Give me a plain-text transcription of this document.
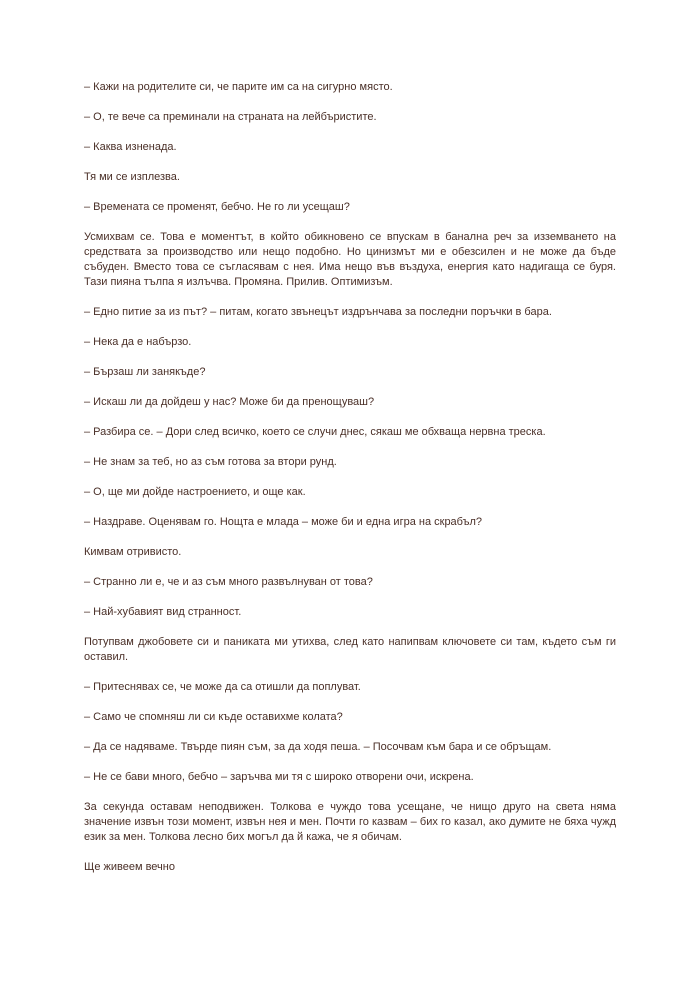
– Кажи на родителите си, че парите им са на сигурно място.

– О, те вече са преминали на страната на лейбъристите.

– Каква изненада.

Тя ми се изплезва.

– Времената се променят, бебчо. Не го ли усещаш?

Усмихвам се. Това е моментът, в който обикновено се впускам в банална реч за изземването на средствата за производство или нещо подобно. Но цинизмът ми е обезсилен и не може да бъде събуден. Вместо това се съгласявам с нея. Има нещо във въздуха, енергия като надигаща се буря. Тази пияна тълпа я излъчва. Промяна. Прилив. Оптимизъм.

– Едно питие за из път? – питам, когато звънецът издрънчава за последни поръчки в бара.

– Нека да е набързо.

– Бързаш ли занякъде?

– Искаш ли да дойдеш у нас? Може би да пренощуваш?

– Разбира се. – Дори след всичко, което се случи днес, сякаш ме обхваща нервна треска.

– Не знам за теб, но аз съм готова за втори рунд.

– О, ще ми дойде настроението, и още как.

– Наздраве. Оценявам го. Нощта е млада – може би и една игра на скрабъл?

Кимвам отривисто.

– Странно ли е, че и аз съм много развълнуван от това?

– Най-хубавият вид странност.

Потупвам джобовете си и паниката ми утихва, след като напипвам ключовете си там, където съм ги оставил.

– Притеснявах се, че може да са отишли да поплуват.

– Само че спомняш ли си къде оставихме колата?

– Да се надяваме. Твърде пиян съм, за да ходя пеша. – Посочвам към бара и се обръщам.

– Не се бави много, бебчо – заръчва ми тя с широко отворени очи, искрена.

За секунда оставам неподвижен. Толкова е чуждо това усещане, че нищо друго на света няма значение извън този момент, извън нея и мен. Почти го казвам – бих го казал, ако думите не бяха чужд език за мен. Толкова лесно бих могъл да й кажа, че я обичам.

Ще живеем вечно
